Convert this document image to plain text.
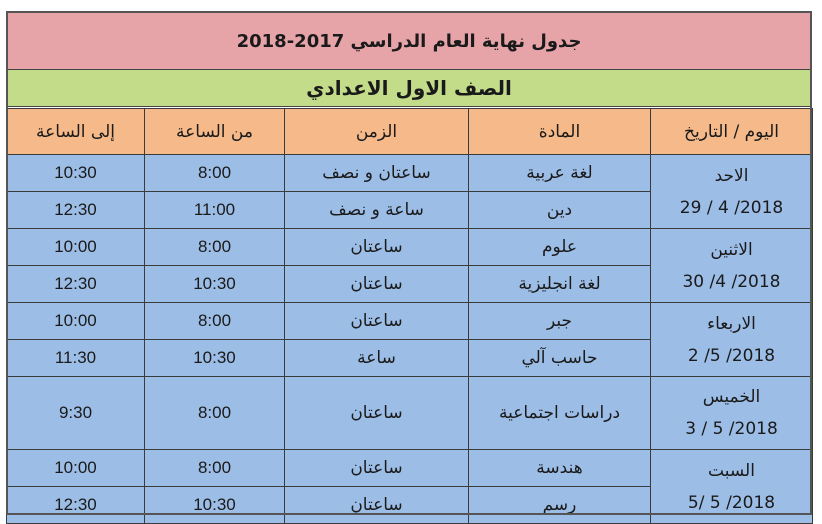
جدول نهاية العام الدراسي 2017-2018
الصف الاول الاعدادي
اليوم / التاريخ	المادة	الزمن	من الساعة	إلى الساعة

الاحد
2018/ 4 / 29	لغة عربية	ساعتان و نصف	8:00	10:30
	دين	ساعة و نصف	11:00	12:30

الاثنين
2018/ 4/ 30	علوم	ساعتان	8:00	10:00
	لغة انجليزية	ساعتان	10:30	12:30

الاربعاء
2018/ 5/ 2	جبر	ساعتان	8:00	10:00
	حاسب آلي	ساعة	10:30	11:30

الخميس
2018/ 5 / 3	دراسات اجتماعية	ساعتان	8:00	9:30

السبت
2018/ 5 /5	هندسة	ساعتان	8:00	10:00
	رسم	ساعتان	10:30	12:30
